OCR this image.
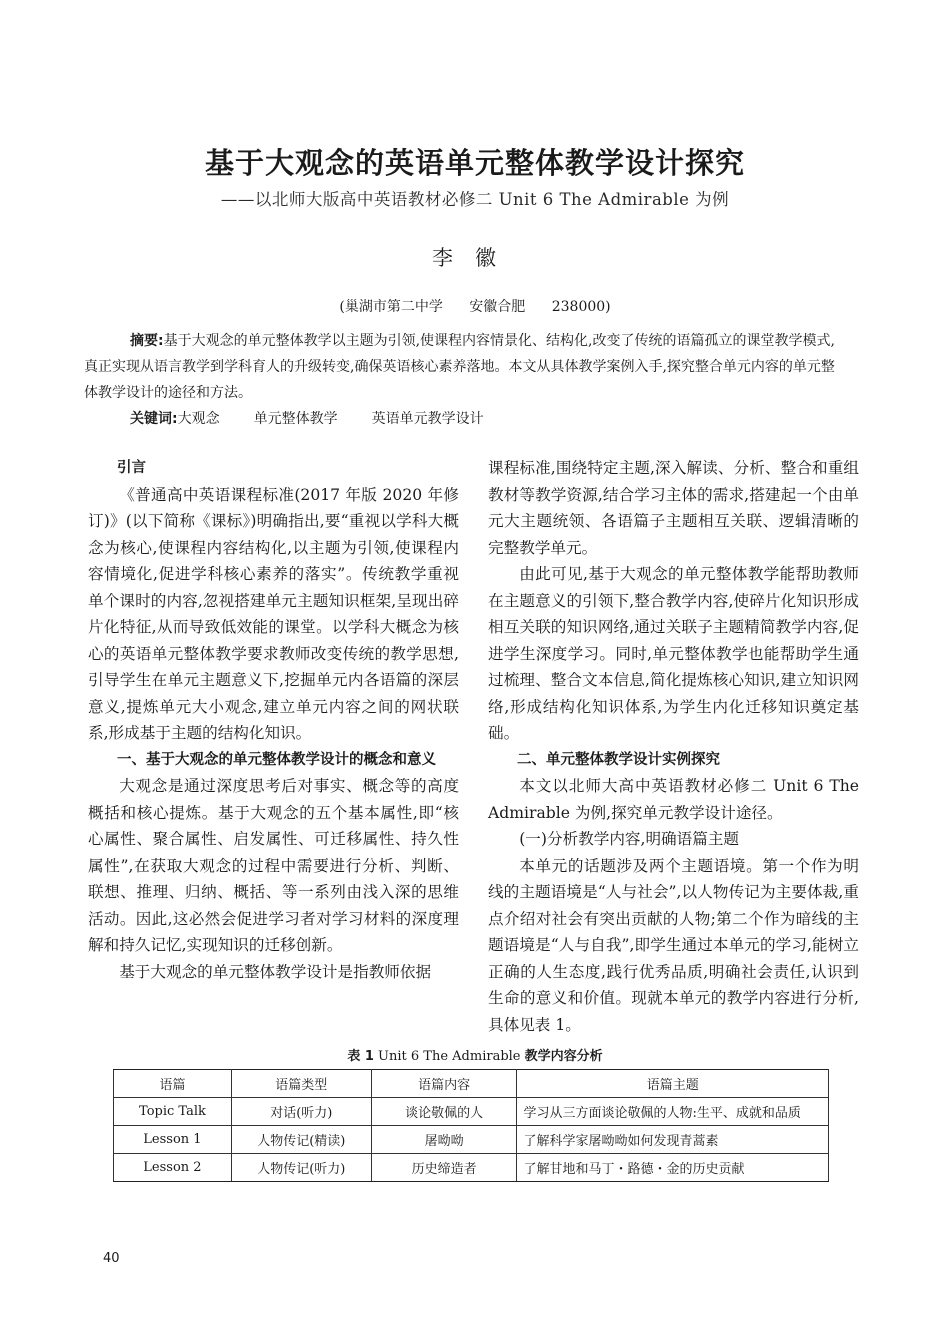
基于大观念的英语单元整体教学设计探究
——以北师大版高中英语教材必修二 Unit 6 The Admirable 为例
李徽
(巢湖市第二中学 安徽合肥 238000)

摘要:基于大观念的单元整体教学以主题为引领,使课程内容情景化、结构化,改变了传统的语篇孤立的课堂教学模式,真正实现从语言教学到学科育人的升级转变,确保英语核心素养落地。本文从具体教学案例入手,探究整合单元内容的单元整体教学设计的途径和方法。

关键词:大观念 单元整体教学 英语单元教学设计
引言

《普通高中英语课程标准(2017 年版 2020 年修订)》(以下简称《课标》)明确指出,要“重视以学科大概念为核心,使课程内容结构化,以主题为引领,使课程内容情境化,促进学科核心素养的落实”。传统教学重视单个课时的内容,忽视搭建单元主题知识框架,呈现出碎片化特征,从而导致低效能的课堂。以学科大概念为核心的英语单元整体教学要求教师改变传统的教学思想,引导学生在单元主题意义下,挖掘单元内各语篇的深层意义,提炼单元大小观念,建立单元内容之间的网状联系,形成基于主题的结构化知识。

一、基于大观念的单元整体教学设计的概念和意义

大观念是通过深度思考后对事实、概念等的高度概括和核心提炼。基于大观念的五个基本属性,即“核心属性、聚合属性、启发属性、可迁移属性、持久性属性”,在获取大观念的过程中需要进行分析、判断、联想、推理、归纳、概括、等一系列由浅入深的思维活动。因此,这必然会促进学习者对学习材料的深度理解和持久记忆,实现知识的迁移创新。

基于大观念的单元整体教学设计是指教师依据

课程标准,围绕特定主题,深入解读、分析、整合和重组教材等教学资源,结合学习主体的需求,搭建起一个由单元大主题统领、各语篇子主题相互关联、逻辑清晰的完整教学单元。

由此可见,基于大观念的单元整体教学能帮助教师在主题意义的引领下,整合教学内容,使碎片化知识形成相互关联的知识网络,通过关联子主题精简教学内容,促进学生深度学习。同时,单元整体教学也能帮助学生通过梳理、整合文本信息,简化提炼核心知识,建立知识网络,形成结构化知识体系,为学生内化迁移知识奠定基础。

二、单元整体教学设计实例探究

本文以北师大高中英语教材必修二 Unit 6 The Admirable 为例,探究单元教学设计途径。

(一)分析教学内容,明确语篇主题

本单元的话题涉及两个主题语境。第一个作为明线的主题语境是“人与社会”,以人物传记为主要体裁,重点介绍对社会有突出贡献的人物;第二个作为暗线的主题语境是“人与自我”,即学生通过本单元的学习,能树立正确的人生态度,践行优秀品质,明确社会责任,认识到生命的意义和价值。现就本单元的教学内容进行分析,具体见表 1。

表 1 Unit 6 The Admirable 教学内容分析
语篇	语篇类型	语篇内容	语篇主题
Topic Talk	对话(听力)	谈论敬佩的人	学习从三方面谈论敬佩的人物:生平、成就和品质
Lesson 1	人物传记(精读)	屠呦呦	了解科学家屠呦呦如何发现青蒿素
Lesson 2	人物传记(听力)	历史缔造者	了解甘地和马丁・路德・金的历史贡献
40
